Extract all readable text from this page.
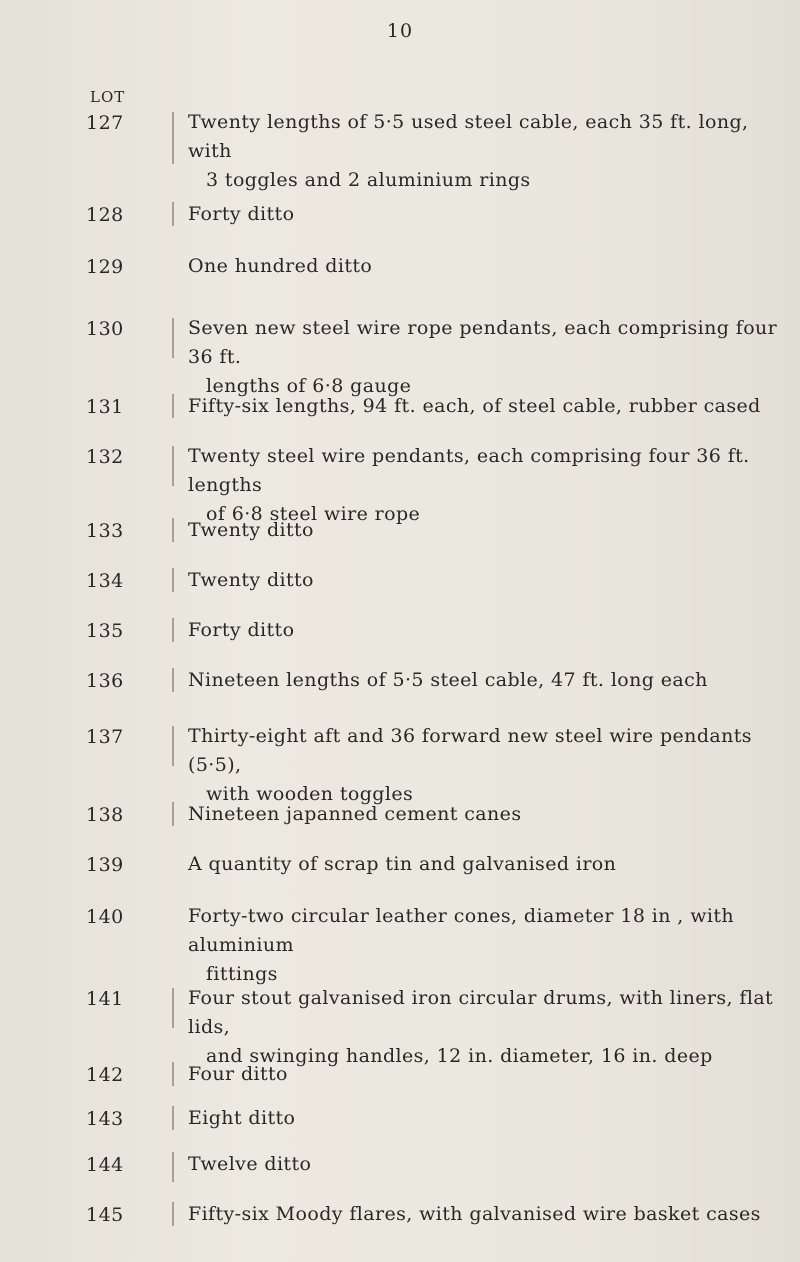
10
LOT
127	Twenty lengths of 5·5 used steel cable, each 35 ft. long, with
3 toggles and 2 aluminium rings
128	Forty ditto
129	One hundred ditto
130	Seven new steel wire rope pendants, each comprising four 36 ft.
lengths of 6·8 gauge
131	Fifty-six lengths, 94 ft. each, of steel cable, rubber cased
132	Twenty steel wire pendants, each comprising four 36 ft. lengths
of 6·8 steel wire rope
133	Twenty ditto
134	Twenty ditto
135	Forty ditto
136	Nineteen lengths of 5·5 steel cable, 47 ft. long each
137	Thirty-eight aft and 36 forward new steel wire pendants (5·5),
with wooden toggles
138	Nineteen japanned cement canes
139	A quantity of scrap tin and galvanised iron
140	Forty-two circular leather cones, diameter 18 in , with aluminium
fittings
141	Four stout galvanised iron circular drums, with liners, flat lids,
and swinging handles, 12 in. diameter, 16 in. deep
142	Four ditto
143	Eight ditto
144	Twelve ditto
145	Fifty-six Moody flares, with galvanised wire basket cases
